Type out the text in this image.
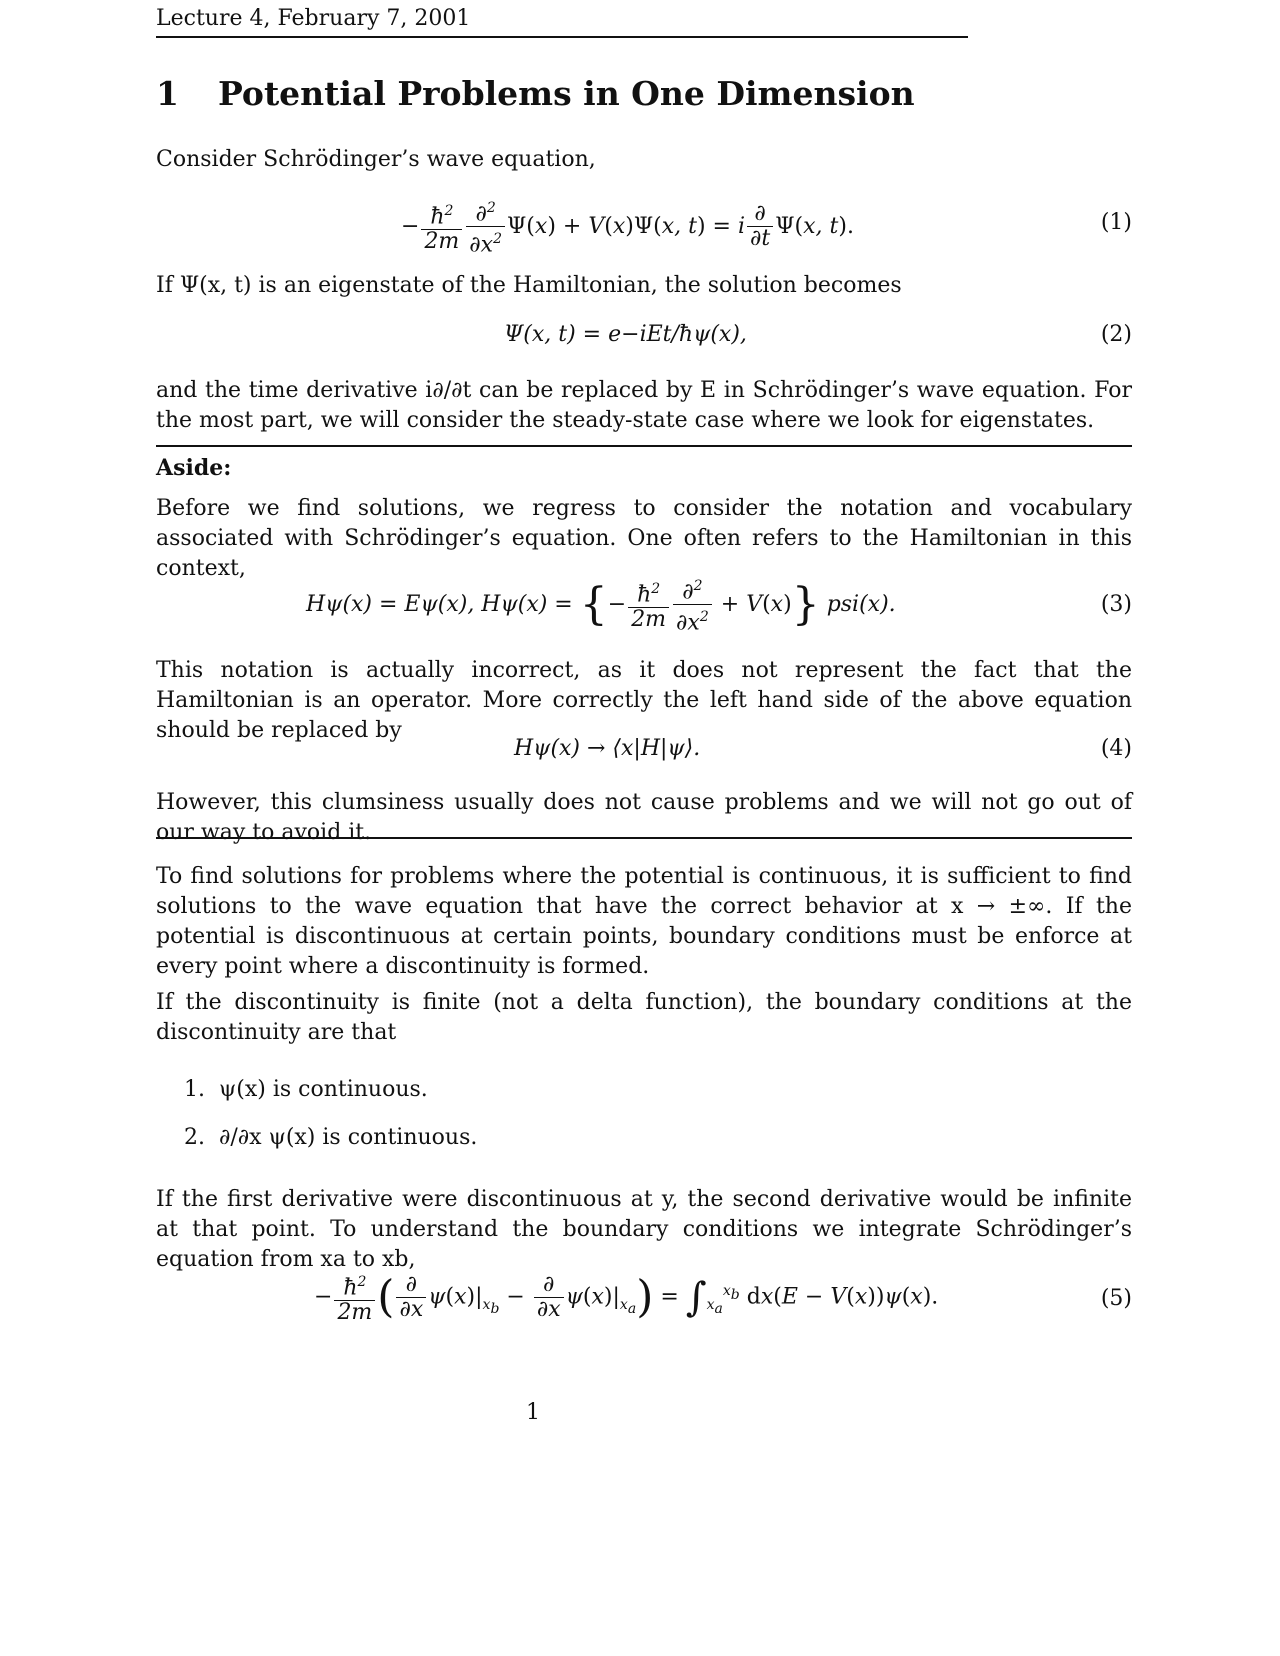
Lecture 4, February 7, 2001
1 Potential Problems in One Dimension
Consider Schrödinger’s wave equation,
− $\frac{ħ^2}{2m} \frac{\partial^2}{\partial x^2} \Psi(x) + V(x)\Psi(x$, t) = i $\frac{\partial}{\partial t} \Psi(x$, t).	(1)
If Ψ(x, t) is an eigenstate of the Hamiltonian, the solution becomes
Ψ(x, t) = e−iEt/ħψ(x),	(2)
and the time derivative i∂/∂t can be replaced by E in Schrödinger’s wave equation. For the most part, we will consider the steady-state case where we look for eigenstates.
Aside:
Before we find solutions, we regress to consider the notation and vocabulary associated with Schrödinger’s equation. One often refers to the Hamiltonian in this context,
Hψ(x) = Eψ(x), Hψ(x) = {− $\frac{ħ^2}{2m} \frac{\partial^2}{\partial x^2} + V(x)$} psi(x).	(3)
This notation is actually incorrect, as it does not represent the fact that the Hamiltonian is an operator. More correctly the left hand side of the above equation should be replaced by
Hψ(x) → ⟨x|H|ψ⟩.	(4)
However, this clumsiness usually does not cause problems and we will not go out of our way to avoid it.
To find solutions for problems where the potential is continuous, it is sufficient to find solutions to the wave equation that have the correct behavior at x → ±∞. If the potential is discontinuous at certain points, boundary conditions must be enforce at every point where a discontinuity is formed.
If the discontinuity is finite (not a delta function), the boundary conditions at the discontinuity are that
1. ψ(x) is continuous.
2. ∂/∂x ψ(x) is continuous.
If the first derivative were discontinuous at y, the second derivative would be infinite at that point. To understand the boundary conditions we integrate Schrödinger’s equation from xa to xb,
− $\frac{ħ^2}{2m}$ ( $\frac{\partial}{\partial x} \psi(x)|_{x_b} - \frac{\partial}{\partial x} \psi(x)|_{x_a}) = \int_{x_a}^{x_b}$ dx(E − V(x))ψ(x).	(5)
1
